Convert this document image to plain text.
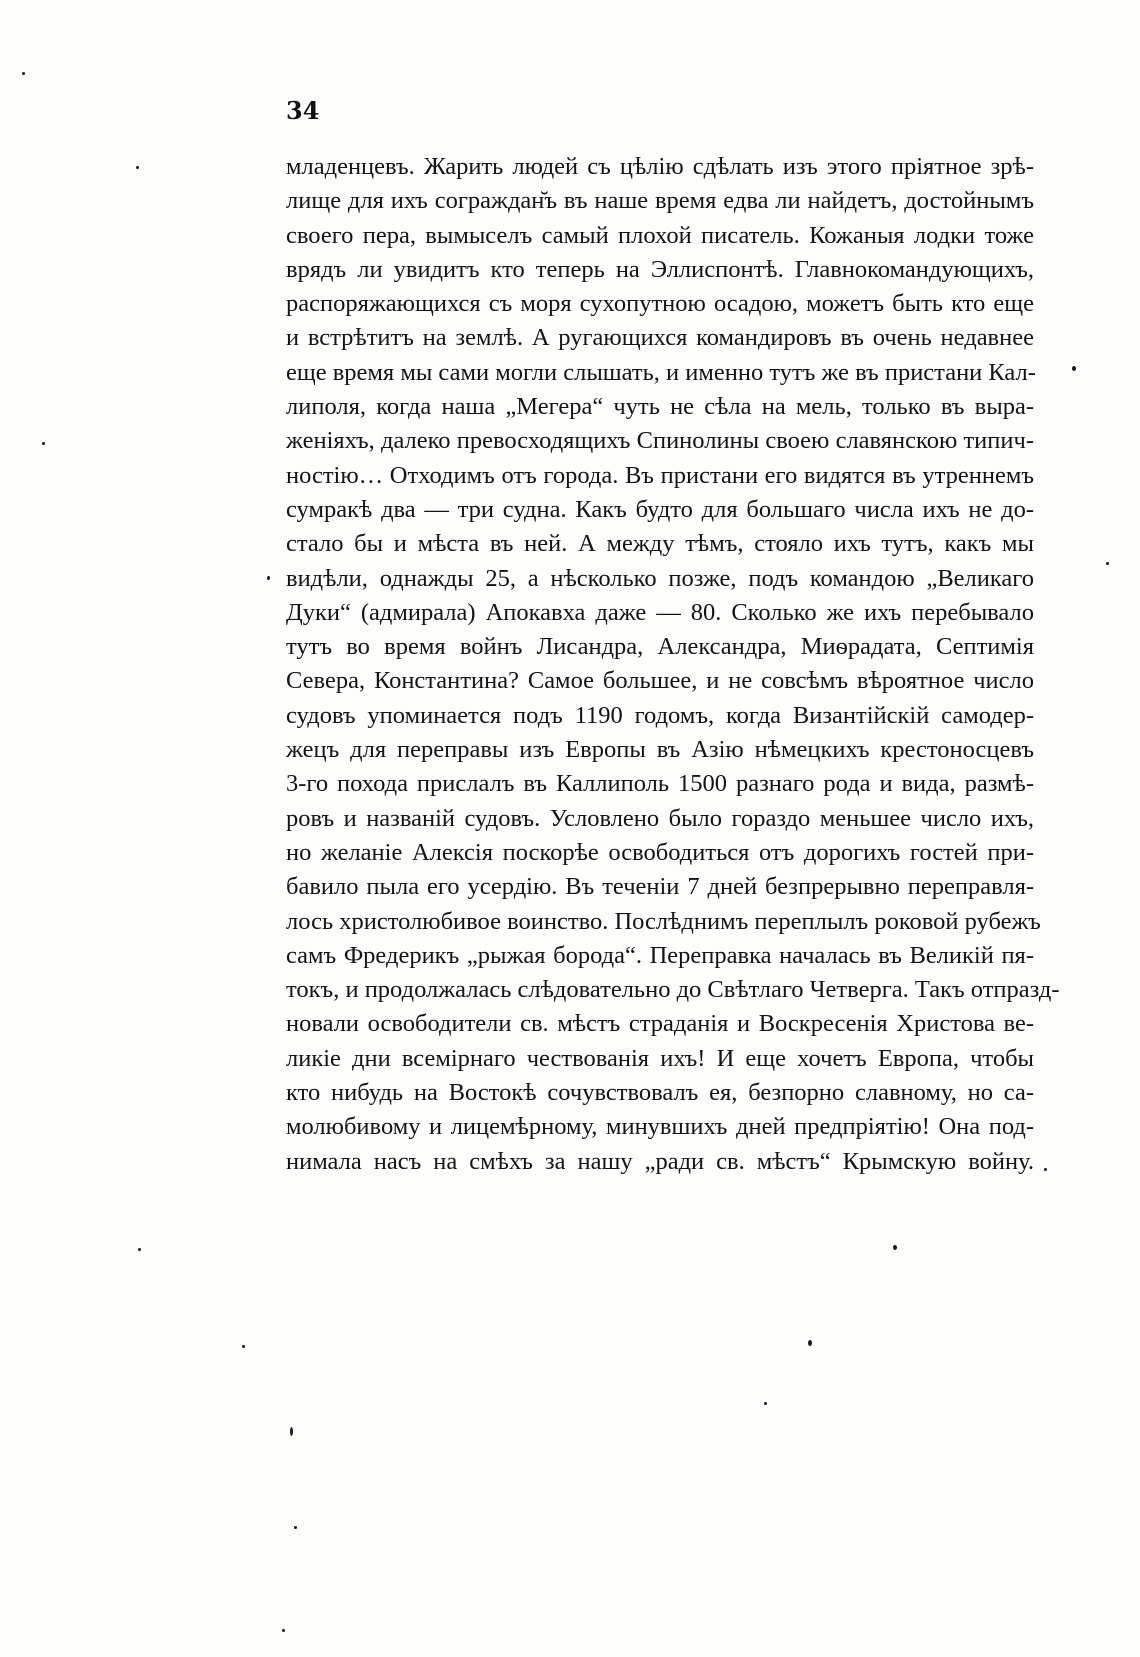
34
младенцевъ. Жарить людей съ цѣлію сдѣлать изъ этого пріятное зрѣ-
лище для ихъ сограждан̆ъ въ наше время едва ли найдетъ, достойнымъ
своего пера, вымыселъ самый плохой писатель. Кожаныя лодки тоже
врядъ ли увидитъ кто теперь на Эллиспонтѣ. Главнокомандующихъ,
распоряжающихся съ моря сухопутною осадою, можетъ быть кто еще
и встрѣтитъ на землѣ. А ругающихся командировъ въ очень недавнее
еще время мы сами могли слышать, и именно тутъ же въ пристани Кал-
липоля, когда наша „Мегера“ чуть не сѣла на мель, только въ выра-
женіяхъ, далеко превосходящихъ Спинолины своею славянскою типич-
ностію… Отходимъ отъ города. Въ пристани его видятся въ утреннемъ
сумракѣ два — три судна. Какъ будто для большаго числа ихъ не до-
стало бы и мѣста въ ней. А между тѣмъ, стояло ихъ тутъ, какъ мы
видѣли, однажды 25, а нѣсколько позже, подъ командою „Великаго
Дуки“ (адмирала) Апокавха даже — 80. Сколько же ихъ перебывало
тутъ во время войнъ Лисандра, Александра, Миѳрадата, Септимія
Севера, Константина? Самое большее, и не совсѣмъ вѣроятное число
судовъ упоминается подъ 1190 годомъ, когда Византійскій самодер-
жецъ для переправы изъ Европы въ Азію нѣмецкихъ крестоносцевъ
3-го похода прислалъ въ Каллиполь 1500 разнаго рода и вида, размѣ-
ровъ и названій судовъ. Условлено было гораздо меньшее число ихъ,
но желаніе Алексія поскорѣе освободиться отъ дорогихъ гостей при-
бавило пыла его усердію. Въ теченіи 7 дней безпрерывно переправля-
лось христолюбивое воинство. Послѣднимъ переплылъ роковой рубежъ
самъ Фредерикъ „рыжая борода“. Переправка началась въ Великій пя-
токъ, и продолжалась слѣдовательно до Свѣтлаго Четверга. Такъ отпразд-
новали освободители св. мѣстъ страданія и Воскресенія Христова ве-
ликіе дни всемірнаго чествованія ихъ! И еще хочетъ Европа, чтобы
кто нибудь на Востокѣ сочувствовалъ ея, безпорно славному, но са-
молюбивому и лицемѣрному, минувшихъ дней предпріятію! Она под-
нимала насъ на смѣхъ за нашу „ради св. мѣстъ“ Крымскую войну.
